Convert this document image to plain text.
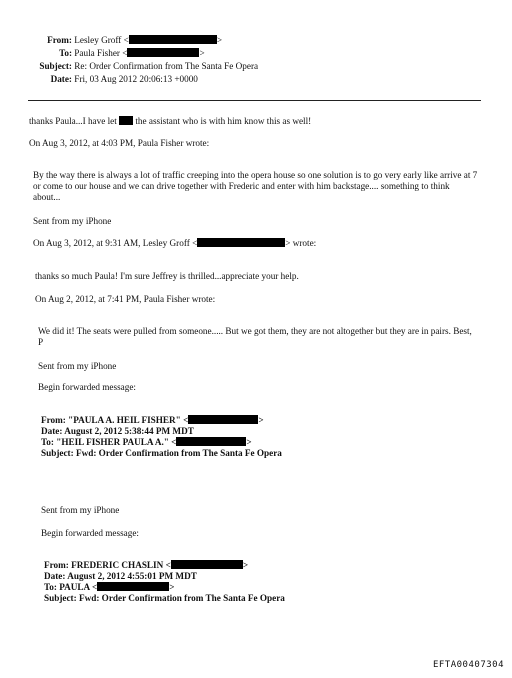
From: Lesley Groff <	>
To: Paula Fisher <	>
Subject: Re: Order Confirmation from The Santa Fe Opera
Date: Fri, 03 Aug 2012 20:06:13 +0000
thanks Paula...I have let the assistant who is with him know this as well!
On Aug 3, 2012, at 4:03 PM, Paula Fisher wrote:
By the way there is always a lot of traffic creeping into the opera house so one solution is to go very early like arrive at 7 or come to our house and we can drive together with Frederic and enter with him backstage.... something to think about...
Sent from my iPhone
On Aug 3, 2012, at 9:31 AM, Lesley Groff <	> wrote:
thanks so much Paula! I'm sure Jeffrey is thrilled...appreciate your help.
On Aug 2, 2012, at 7:41 PM, Paula Fisher wrote:
We did it! The seats were pulled from someone..... But we got them, they are not altogether but they are in pairs. Best, P
Sent from my iPhone
Begin forwarded message:
From: "PAULA A. HEIL FISHER" <	>
Date: August 2, 2012 5:38:44 PM MDT
To: "HEIL FISHER PAULA A." <	>
Subject: Fwd: Order Confirmation from The Santa Fe Opera
Sent from my iPhone
Begin forwarded message:
From: FREDERIC CHASLIN <	>
Date: August 2, 2012 4:55:01 PM MDT
To: PAULA <	>
Subject: Fwd: Order Confirmation from The Santa Fe Opera
EFTA00407304
